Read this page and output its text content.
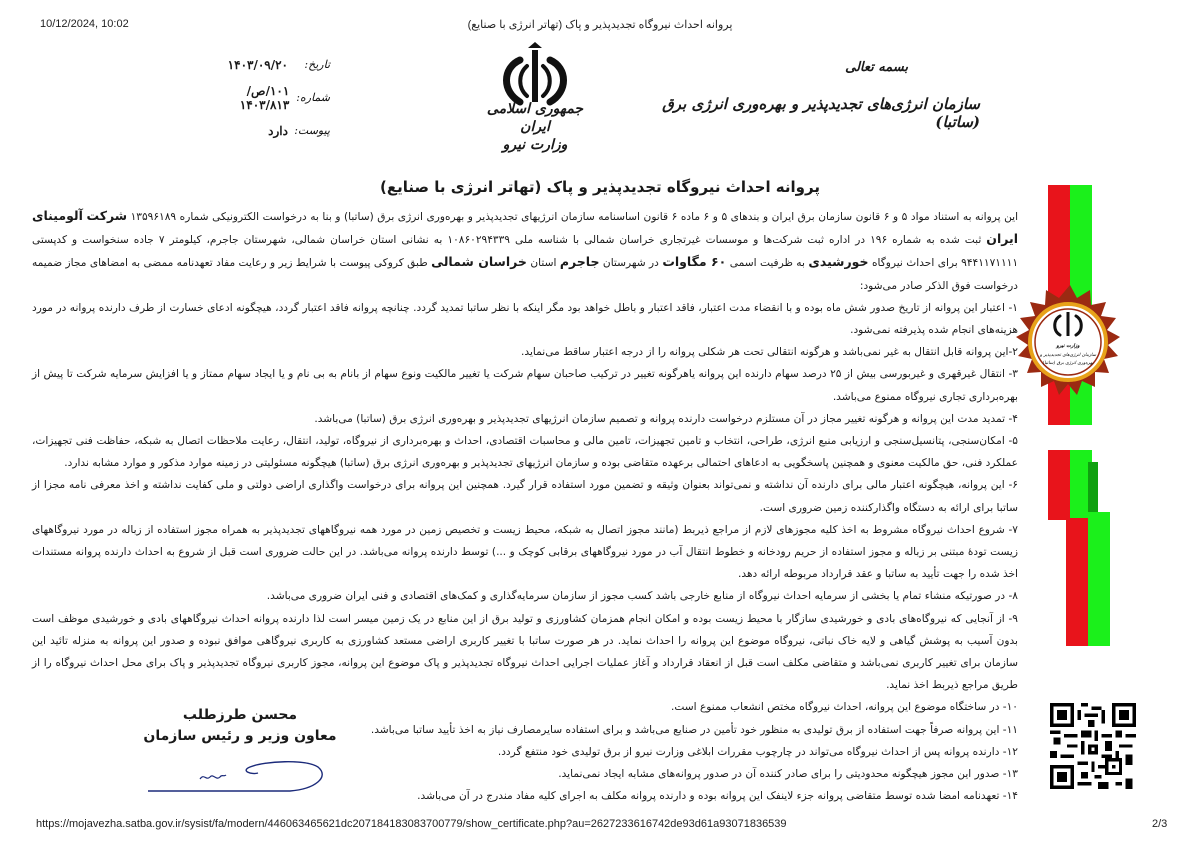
10/12/2024, 10:02	پروانه احداث نیروگاه تجدیدپذیر و پاک (تهاتر انرژی با صنایع)
تاریخ:
۱۴۰۳/۰۹/۲۰
شماره:
۱۰۱/ص/۱۴۰۳/۸۱۳
پیوست:
دارد
جمهوری اسلامی ایران
وزارت نیرو
بسمه تعالی
سازمان انرژی‌های تجدیدپذیر و بهره‌وری انرژی برق (ساتبا)
پروانه احداث نیروگاه تجدیدپذیر و پاک (تهاتر انرژی با صنایع)

این پروانه به استناد مواد ۵ و ۶ قانون سازمان برق ایران و بندهای ۵ و ۶ ماده ۶ قانون اساسنامه سازمان انرژیهای تجدیدپذیر و بهره‌وری انرژی برق (ساتبا) و بنا به درخواست الکترونیکی شماره ۱۳۵۹۶۱۸۹ شرکت آلومینای ایران ثبت شده به شماره ۱۹۶ در اداره ثبت شرکت‌ها و موسسات غیرتجاری خراسان شمالی با شناسه ملی ۱۰۸۶۰۲۹۴۳۳۹ به نشانی استان خراسان شمالی، شهرستان جاجرم، کیلومتر ۷ جاده سنخواست و کدپستی ۹۴۴۱۱۷۱۱۱۱ برای احداث نیروگاه خورشیدی به ظرفیت اسمی ۶۰ مگاوات در شهرستان جاجرم استان خراسان شمالی طبق کروکی پیوست با شرایط زیر و رعایت مفاد تعهدنامه ممضی به امضاهای مجاز ضمیمه درخواست فوق الذکر صادر می‌شود:

۱- اعتبار این پروانه از تاریخ صدور شش ماه بوده و با انقضاء مدت اعتبار، فاقد اعتبار و باطل خواهد بود مگر اینکه با نظر ساتبا تمدید گردد. چنانچه پروانه فاقد اعتبار گردد، هیچگونه ادعای خسارت از طرف دارنده پروانه در مورد هزینه‌های انجام شده پذیرفته نمی‌شود.

۲-این پروانه قابل انتقال به غیر نمی‌باشد و هرگونه انتقالی تحت هر شکلی پروانه را از درجه اعتبار ساقط می‌نماید.

۳- انتقال غیرقهری و غیربورسی بیش از ۲۵ درصد سهام دارنده این پروانه یاهرگونه تغییر در ترکیب صاحبان سهام شرکت یا تغییر مالکیت ونوع سهام از بانام به بی نام و یا ایجاد سهام ممتاز و یا افزایش سرمایه شرکت تا پیش از بهره‌برداری تجاری نیروگاه ممنوع می‌باشد.

۴- تمدید مدت این پروانه و هرگونه تغییر مجاز در آن مستلزم درخواست دارنده پروانه و تصمیم سازمان انرژیهای تجدیدپذیر و بهره‌وری انرژی برق (ساتبا) می‌باشد.

۵- امکان‌سنجی، پتانسیل‌سنجی و ارزیابی منبع انرژی، طراحی، انتخاب و تامین تجهیزات، تامین مالی و محاسبات اقتصادی، احداث و بهره‌برداری از نیروگاه، تولید، انتقال، رعایت ملاحظات اتصال به شبکه، حفاظت فنی تجهیزات، عملکرد فنی، حق مالکیت معنوی و همچنین پاسخگویی به ادعاهای احتمالی برعهده متقاضی بوده و سازمان انرژیهای تجدیدپذیر و بهره‌وری انرژی برق (ساتبا) هیچگونه مسئولیتی در زمینه موارد مذکور و موارد مشابه ندارد.

۶- این پروانه، هیچگونه اعتبار مالی برای دارنده آن نداشته و نمی‌تواند بعنوان وثیقه و تضمین مورد استفاده قرار گیرد. همچنین این پروانه برای درخواست واگذاری اراضی دولتی و ملی کفایت نداشته و اخذ معرفی نامه مجزا از ساتبا برای ارائه به دستگاه واگذارکننده زمین ضروری است.

۷- شروع احداث نیروگاه مشروط به اخذ کلیه مجوزهای لازم از مراجع ذیربط (مانند مجوز اتصال به شبکه، محیط زیست و تخصیص زمین در مورد همه نیروگاههای تجدیدپذیر به همراه مجوز استفاده از زباله در مورد نیروگاههای زیست تودهٔ مبتنی بر زباله و مجوز استفاده از حریم رودخانه و خطوط انتقال آب در مورد نیروگاههای برقابی کوچک و ...) توسط دارنده پروانه می‌باشد. در این حالت ضروری است قبل از شروع به احداث دارنده پروانه مستندات اخذ شده را جهت تأیید به ساتبا و عقد قرارداد مربوطه ارائه دهد.

۸- در صورتیکه منشاء تمام یا بخشی از سرمایه احداث نیروگاه از منابع خارجی باشد کسب مجوز از سازمان سرمایه‌گذاری و کمک‌های اقتصادی و فنی ایران ضروری می‌باشد.

۹- از آنجایی که نیروگاه‌های بادی و خورشیدی سازگار با محیط زیست بوده و امکان انجام همزمان کشاورزی و تولید برق از این منابع در یک زمین میسر است لذا دارنده پروانه احداث نیروگاههای بادی و خورشیدی موظف است بدون آسیب به پوشش گیاهی و لایه خاک نباتی، نیروگاه موضوع این پروانه را احداث نماید. در هر صورت ساتبا با تغییر کاربری اراضی مستعد کشاورزی به کاربری نیروگاهی موافق نبوده و صدور این پروانه به منزله تائید این سازمان برای تغییر کاربری نمی‌باشد و متقاضی مکلف است قبل از انعقاد قرارداد و آغاز عملیات اجرایی احداث نیروگاه تجدیدپذیر و پاک موضوع این پروانه، مجوز کاربری نیروگاه تجدیدپذیر و پاک برای محل احداث نیروگاه را از طریق مراجع ذیربط اخذ نماید.

۱۰- در ساختگاه موضوع این پروانه، احداث نیروگاه مختص انشعاب ممنوع است.

۱۱- این پروانه صرفاً جهت استفاده از برق تولیدی به منظور خود تأمین در صنایع می‌باشد و برای استفاده سایرمصارف نیاز به اخذ تأیید ساتبا می‌باشد.

۱۲- دارنده پروانه پس از احداث نیروگاه می‌تواند در چارچوب مقررات ابلاغی وزارت نیرو از برق تولیدی خود منتفع گردد.

۱۳- صدور این مجوز هیچگونه محدودیتی را برای صادر کننده آن در صدور پروانه‌های مشابه ایجاد نمی‌نماید.

۱۴- تعهدنامه امضا شده توسط متقاضی پروانه جزء لاینفک این پروانه بوده و دارنده پروانه مکلف به اجرای کلیه مفاد مندرج در آن می‌باشد.

وزارت نیرو
سازمان انرژی‌های تجدیدپذیر و
بهره‌وری انرژی برق (ساتبا)
محسن طرزطلب
معاون وزیر و رئیس سازمان
https://mojavezha.satba.gov.ir/sysist/fa/modern/446063465621dc207184183083700779/show_certificate.php?au=2627233616742de93d61a93071836539	2/3
